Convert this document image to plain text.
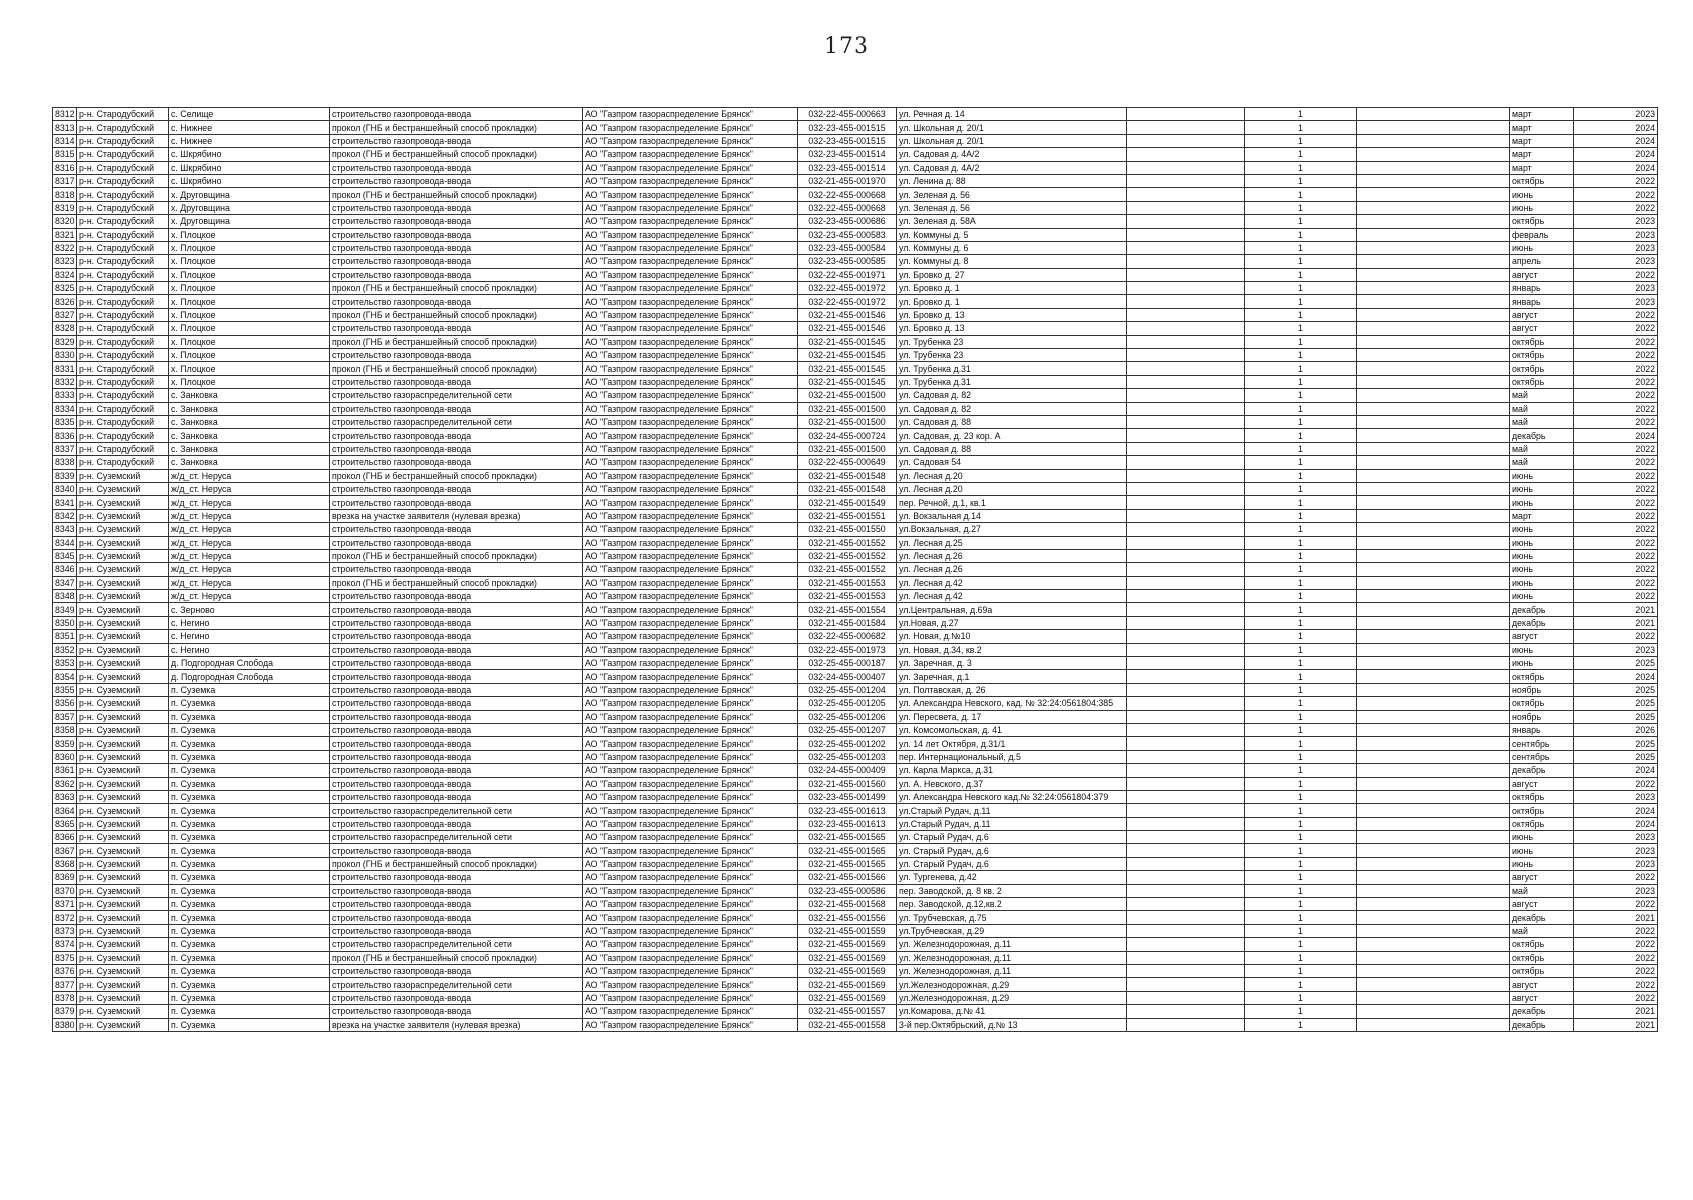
173
8312	р-н. Стародубский	с. Селище	строительство газопровода-ввода	АО "Газпром газораспределение Брянск"	032-22-455-000663	ул. Речная д. 14		1		март	2023
8313	р-н. Стародубский	с. Нижнее	прокол (ГНБ и бестраншейный способ прокладки)	АО "Газпром газораспределение Брянск"	032-23-455-001515	ул. Школьная д. 20/1		1		март	2024
8314	р-н. Стародубский	с. Нижнее	строительство газопровода-ввода	АО "Газпром газораспределение Брянск"	032-23-455-001515	ул. Школьная д. 20/1		1		март	2024
8315	р-н. Стародубский	с. Шкрябино	прокол (ГНБ и бестраншейный способ прокладки)	АО "Газпром газораспределение Брянск"	032-23-455-001514	ул. Садовая д. 4А/2		1		март	2024
8316	р-н. Стародубский	с. Шкрябино	строительство газопровода-ввода	АО "Газпром газораспределение Брянск"	032-23-455-001514	ул. Садовая д. 4А/2		1		март	2024
8317	р-н. Стародубский	с. Шкрябино	строительство газопровода-ввода	АО "Газпром газораспределение Брянск"	032-21-455-001970	ул. Ленина д. 88		1		октябрь	2022
8318	р-н. Стародубский	х. Друговщина	прокол (ГНБ и бестраншейный способ прокладки)	АО "Газпром газораспределение Брянск"	032-22-455-000668	ул. Зеленая д. 56		1		июнь	2022
8319	р-н. Стародубский	х. Друговщина	строительство газопровода-ввода	АО "Газпром газораспределение Брянск"	032-22-455-000668	ул. Зеленая д. 56		1		июнь	2022
8320	р-н. Стародубский	х. Друговщина	строительство газопровода-ввода	АО "Газпром газораспределение Брянск"	032-23-455-000686	ул. Зеленая д. 58А		1		октябрь	2023
8321	р-н. Стародубский	х. Плоцкое	строительство газопровода-ввода	АО "Газпром газораспределение Брянск"	032-23-455-000583	ул. Коммуны д. 5		1		февраль	2023
8322	р-н. Стародубский	х. Плоцкое	строительство газопровода-ввода	АО "Газпром газораспределение Брянск"	032-23-455-000584	ул. Коммуны д. 6		1		июнь	2023
8323	р-н. Стародубский	х. Плоцкое	строительство газопровода-ввода	АО "Газпром газораспределение Брянск"	032-23-455-000585	ул. Коммуны д. 8		1		апрель	2023
8324	р-н. Стародубский	х. Плоцкое	строительство газопровода-ввода	АО "Газпром газораспределение Брянск"	032-22-455-001971	ул. Бровко д. 27		1		август	2022
8325	р-н. Стародубский	х. Плоцкое	прокол (ГНБ и бестраншейный способ прокладки)	АО "Газпром газораспределение Брянск"	032-22-455-001972	ул. Бровко д. 1		1		январь	2023
8326	р-н. Стародубский	х. Плоцкое	строительство газопровода-ввода	АО "Газпром газораспределение Брянск"	032-22-455-001972	ул. Бровко д. 1		1		январь	2023
8327	р-н. Стародубский	х. Плоцкое	прокол (ГНБ и бестраншейный способ прокладки)	АО "Газпром газораспределение Брянск"	032-21-455-001546	ул. Бровко д. 13		1		август	2022
8328	р-н. Стародубский	х. Плоцкое	строительство газопровода-ввода	АО "Газпром газораспределение Брянск"	032-21-455-001546	ул. Бровко д. 13		1		август	2022
8329	р-н. Стародубский	х. Плоцкое	прокол (ГНБ и бестраншейный способ прокладки)	АО "Газпром газораспределение Брянск"	032-21-455-001545	ул. Трубенка 23		1		октябрь	2022
8330	р-н. Стародубский	х. Плоцкое	строительство газопровода-ввода	АО "Газпром газораспределение Брянск"	032-21-455-001545	ул. Трубенка 23		1		октябрь	2022
8331	р-н. Стародубский	х. Плоцкое	прокол (ГНБ и бестраншейный способ прокладки)	АО "Газпром газораспределение Брянск"	032-21-455-001545	ул. Трубенка д.31		1		октябрь	2022
8332	р-н. Стародубский	х. Плоцкое	строительство газопровода-ввода	АО "Газпром газораспределение Брянск"	032-21-455-001545	ул. Трубенка д.31		1		октябрь	2022
8333	р-н. Стародубский	с. Занковка	строительство газораспределительной сети	АО "Газпром газораспределение Брянск"	032-21-455-001500	ул. Садовая д. 82		1		май	2022
8334	р-н. Стародубский	с. Занковка	строительство газопровода-ввода	АО "Газпром газораспределение Брянск"	032-21-455-001500	ул. Садовая д. 82		1		май	2022
8335	р-н. Стародубский	с. Занковка	строительство газораспределительной сети	АО "Газпром газораспределение Брянск"	032-21-455-001500	ул. Садовая д. 88		1		май	2022
8336	р-н. Стародубский	с. Занковка	строительство газопровода-ввода	АО "Газпром газораспределение Брянск"	032-24-455-000724	ул. Садовая, д. 23 кор. А		1		декабрь	2024
8337	р-н. Стародубский	с. Занковка	строительство газопровода-ввода	АО "Газпром газораспределение Брянск"	032-21-455-001500	ул. Садовая д. 88		1		май	2022
8338	р-н. Стародубский	с. Занковка	строительство газопровода-ввода	АО "Газпром газораспределение Брянск"	032-22-455-000649	ул. Садовая 54		1		май	2022
8339	р-н. Суземский	ж/д_ст. Неруса	прокол (ГНБ и бестраншейный способ прокладки)	АО "Газпром газораспределение Брянск"	032-21-455-001548	ул. Лесная д.20		1		июнь	2022
8340	р-н. Суземский	ж/д_ст. Неруса	строительство газопровода-ввода	АО "Газпром газораспределение Брянск"	032-21-455-001548	ул. Лесная д.20		1		июнь	2022
8341	р-н. Суземский	ж/д_ст. Неруса	строительство газопровода-ввода	АО "Газпром газораспределение Брянск"	032-21-455-001549	пер. Речной, д.1, кв.1		1		июнь	2022
8342	р-н. Суземский	ж/д_ст. Неруса	врезка на участке заявителя (нулевая врезка)	АО "Газпром газораспределение Брянск"	032-21-455-001551	ул. Вокзальная д.14		1		март	2022
8343	р-н. Суземский	ж/д_ст. Неруса	строительство газопровода-ввода	АО "Газпром газораспределение Брянск"	032-21-455-001550	ул.Вокзальная, д.27		1		июнь	2022
8344	р-н. Суземский	ж/д_ст. Неруса	строительство газопровода-ввода	АО "Газпром газораспределение Брянск"	032-21-455-001552	ул. Лесная д.25		1		июнь	2022
8345	р-н. Суземский	ж/д_ст. Неруса	прокол (ГНБ и бестраншейный способ прокладки)	АО "Газпром газораспределение Брянск"	032-21-455-001552	ул. Лесная д.26		1		июнь	2022
8346	р-н. Суземский	ж/д_ст. Неруса	строительство газопровода-ввода	АО "Газпром газораспределение Брянск"	032-21-455-001552	ул. Лесная д.26		1		июнь	2022
8347	р-н. Суземский	ж/д_ст. Неруса	прокол (ГНБ и бестраншейный способ прокладки)	АО "Газпром газораспределение Брянск"	032-21-455-001553	ул. Лесная д.42		1		июнь	2022
8348	р-н. Суземский	ж/д_ст. Неруса	строительство газопровода-ввода	АО "Газпром газораспределение Брянск"	032-21-455-001553	ул. Лесная д.42		1		июнь	2022
8349	р-н. Суземский	с. Зерново	строительство газопровода-ввода	АО "Газпром газораспределение Брянск"	032-21-455-001554	ул.Центральная, д.69а		1		декабрь	2021
8350	р-н. Суземский	с. Негино	строительство газопровода-ввода	АО "Газпром газораспределение Брянск"	032-21-455-001584	ул.Новая, д.27		1		декабрь	2021
8351	р-н. Суземский	с. Негино	строительство газопровода-ввода	АО "Газпром газораспределение Брянск"	032-22-455-000682	ул. Новая, д.№10		1		август	2022
8352	р-н. Суземский	с. Негино	строительство газопровода-ввода	АО "Газпром газораспределение Брянск"	032-22-455-001973	ул. Новая, д.34, кв.2		1		июнь	2023
8353	р-н. Суземский	д. Подгородная Слобода	строительство газопровода-ввода	АО "Газпром газораспределение Брянск"	032-25-455-000187	ул. Заречная, д. 3		1		июнь	2025
8354	р-н. Суземский	д. Подгородная Слобода	строительство газопровода-ввода	АО "Газпром газораспределение Брянск"	032-24-455-000407	ул. Заречная, д.1		1		октябрь	2024
8355	р-н. Суземский	п. Суземка	строительство газопровода-ввода	АО "Газпром газораспределение Брянск"	032-25-455-001204	ул. Полтавская, д. 26		1		ноябрь	2025
8356	р-н. Суземский	п. Суземка	строительство газопровода-ввода	АО "Газпром газораспределение Брянск"	032-25-455-001205	ул. Александра Невского, кад. № 32:24:0561804:385		1		октябрь	2025
8357	р-н. Суземский	п. Суземка	строительство газопровода-ввода	АО "Газпром газораспределение Брянск"	032-25-455-001206	ул. Пересвета, д. 17		1		ноябрь	2025
8358	р-н. Суземский	п. Суземка	строительство газопровода-ввода	АО "Газпром газораспределение Брянск"	032-25-455-001207	ул. Комсомольская, д. 41		1		январь	2026
8359	р-н. Суземский	п. Суземка	строительство газопровода-ввода	АО "Газпром газораспределение Брянск"	032-25-455-001202	ул. 14 лет Октября, д.31/1		1		сентябрь	2025
8360	р-н. Суземский	п. Суземка	строительство газопровода-ввода	АО "Газпром газораспределение Брянск"	032-25-455-001203	пер. Интернациональный, д.5		1		сентябрь	2025
8361	р-н. Суземский	п. Суземка	строительство газопровода-ввода	АО "Газпром газораспределение Брянск"	032-24-455-000409	ул. Карла Маркса, д.31		1		декабрь	2024
8362	р-н. Суземский	п. Суземка	строительство газопровода-ввода	АО "Газпром газораспределение Брянск"	032-21-455-001560	ул. А. Невского, д.37		1		август	2022
8363	р-н. Суземский	п. Суземка	строительство газопровода-ввода	АО "Газпром газораспределение Брянск"	032-23-455-001499	ул. Александра Невского кад.№ 32:24:0561804:379		1		октябрь	2023
8364	р-н. Суземский	п. Суземка	строительство газораспределительной сети	АО "Газпром газораспределение Брянск"	032-23-455-001613	ул.Старый Рудач, д.11		1		октябрь	2024
8365	р-н. Суземский	п. Суземка	строительство газопровода-ввода	АО "Газпром газораспределение Брянск"	032-23-455-001613	ул.Старый Рудач, д.11		1		октябрь	2024
8366	р-н. Суземский	п. Суземка	строительство газораспределительной сети	АО "Газпром газораспределение Брянск"	032-21-455-001565	ул. Старый Рудач, д.6		1		июнь	2023
8367	р-н. Суземский	п. Суземка	строительство газопровода-ввода	АО "Газпром газораспределение Брянск"	032-21-455-001565	ул. Старый Рудач, д.6		1		июнь	2023
8368	р-н. Суземский	п. Суземка	прокол (ГНБ и бестраншейный способ прокладки)	АО "Газпром газораспределение Брянск"	032-21-455-001565	ул. Старый Рудач, д.6		1		июнь	2023
8369	р-н. Суземский	п. Суземка	строительство газопровода-ввода	АО "Газпром газораспределение Брянск"	032-21-455-001566	ул. Тургенева, д.42		1		август	2022
8370	р-н. Суземский	п. Суземка	строительство газопровода-ввода	АО "Газпром газораспределение Брянск"	032-23-455-000586	пер. Заводской, д. 8 кв. 2		1		май	2023
8371	р-н. Суземский	п. Суземка	строительство газопровода-ввода	АО "Газпром газораспределение Брянск"	032-21-455-001568	пер. Заводской, д.12,кв.2		1		август	2022
8372	р-н. Суземский	п. Суземка	строительство газопровода-ввода	АО "Газпром газораспределение Брянск"	032-21-455-001556	ул. Трубчевская, д.75		1		декабрь	2021
8373	р-н. Суземский	п. Суземка	строительство газопровода-ввода	АО "Газпром газораспределение Брянск"	032-21-455-001559	ул.Трубчевская, д.29		1		май	2022
8374	р-н. Суземский	п. Суземка	строительство газораспределительной сети	АО "Газпром газораспределение Брянск"	032-21-455-001569	ул. Железнодорожная, д.11		1		октябрь	2022
8375	р-н. Суземский	п. Суземка	прокол (ГНБ и бестраншейный способ прокладки)	АО "Газпром газораспределение Брянск"	032-21-455-001569	ул. Железнодорожная, д.11		1		октябрь	2022
8376	р-н. Суземский	п. Суземка	строительство газопровода-ввода	АО "Газпром газораспределение Брянск"	032-21-455-001569	ул. Железнодорожная, д.11		1		октябрь	2022
8377	р-н. Суземский	п. Суземка	строительство газораспределительной сети	АО "Газпром газораспределение Брянск"	032-21-455-001569	ул.Железнодорожная, д.29		1		август	2022
8378	р-н. Суземский	п. Суземка	строительство газопровода-ввода	АО "Газпром газораспределение Брянск"	032-21-455-001569	ул.Железнодорожная, д.29		1		август	2022
8379	р-н. Суземский	п. Суземка	строительство газопровода-ввода	АО "Газпром газораспределение Брянск"	032-21-455-001557	ул.Комарова, д.№ 41		1		декабрь	2021
8380	р-н. Суземский	п. Суземка	врезка на участке заявителя (нулевая врезка)	АО "Газпром газораспределение Брянск"	032-21-455-001558	3-й пер.Октябрьский, д.№ 13		1		декабрь	2021
